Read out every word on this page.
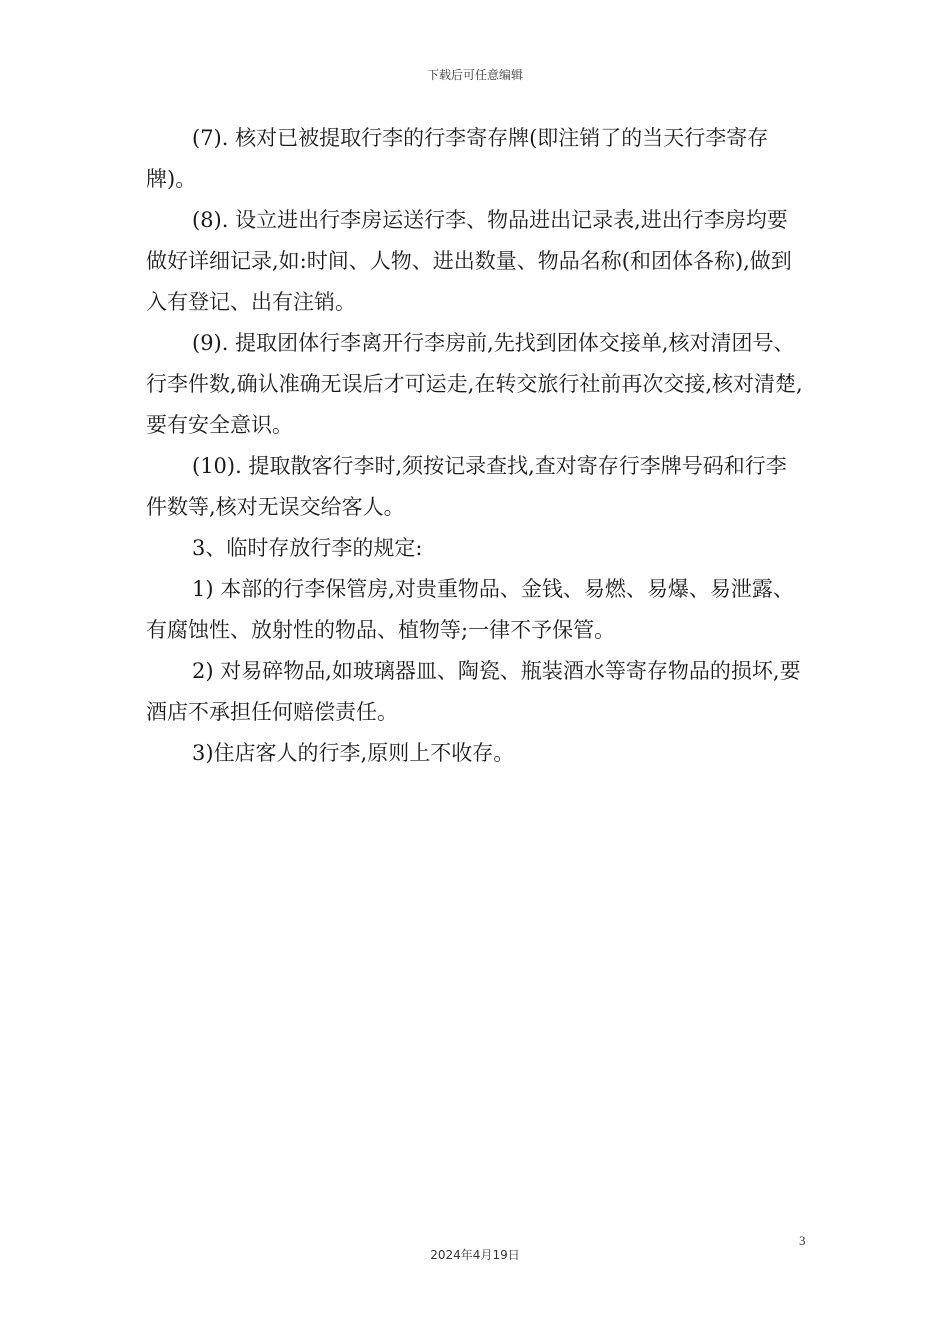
下载后可任意编辑

(7). 核对已被提取行李的行李寄存牌(即注销了的当天行李寄存牌)。

(8). 设立进出行李房运送行李、物品进出记录表,进出行李房均要做好详细记录,如:时间、人物、进出数量、物品名称(和团体各称),做到入有登记、出有注销。

(9). 提取团体行李离开行李房前,先找到团体交接单,核对清团号、行李件数,确认准确无误后才可运走,在转交旅行社前再次交接,核对清楚,要有安全意识。

(10). 提取散客行李时,须按记录查找,查对寄存行李牌号码和行李件数等,核对无误交给客人。

3、临时存放行李的规定:

1) 本部的行李保管房,对贵重物品、金钱、易燃、易爆、易泄露、有腐蚀性、放射性的物品、植物等;一律不予保管。

2) 对易碎物品,如玻璃器皿、陶瓷、瓶装酒水等寄存物品的损坏,要酒店不承担任何赔偿责任。

3)住店客人的行李,原则上不收存。

3
2024年4月19日
